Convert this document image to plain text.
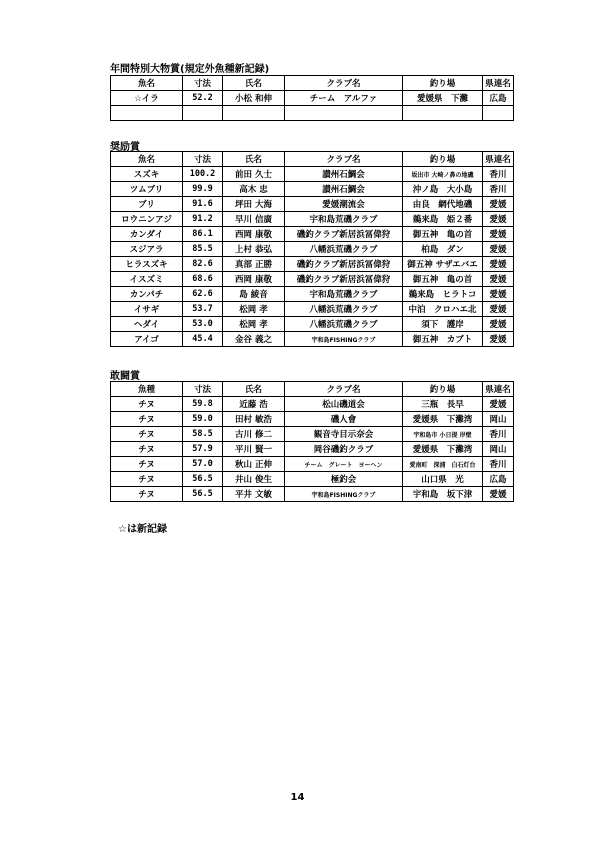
年間特別大物賞(規定外魚種新記録)
魚名	寸法	氏名	クラブ名	釣り場	県連名
☆イラ	52.2	小松 和伸	チーム　アルファ	愛媛県　下灘	広島

奨励賞
魚名	寸法	氏名	クラブ名	釣り場	県連名
スズキ	100.2	前田 久士	讃州石鯛会	坂出市 大崎ノ鼻の地磯	香川
ツムブリ	99.9	高木 忠	讃州石鯛会	沖ノ島　大小島	香川
ブリ	91.6	坪田 大海	愛媛潮流会	由良　網代地磯	愛媛
ロウニンアジ	91.2	早川 信廣	宇和島荒磯クラブ	鵜来島　姫２番	愛媛
カンダイ	86.1	西岡 康敬	磯釣クラブ新居浜冨偉狩	御五神　亀の首	愛媛
スジアラ	85.5	上村 恭弘	八幡浜荒磯クラブ	柏島　ダン	愛媛
ヒラスズキ	82.6	真部 正勝	磯釣クラブ新居浜冨偉狩	御五神 サザエバエ	愛媛
イスズミ	68.6	西岡 康敬	磯釣クラブ新居浜冨偉狩	御五神　亀の首	愛媛
カンパチ	62.6	島 綾音	宇和島荒磯クラブ	鵜来島　ヒラトコ	愛媛
イサギ	53.7	松岡 孝	八幡浜荒磯クラブ	中泊　クロハエ北	愛媛
ヘダイ	53.0	松岡 孝	八幡浜荒磯クラブ	須下　護岸	愛媛
アイゴ	45.4	金谷 義之	宇和島FISHINGクラブ	御五神　カブト	愛媛
敢闘賞
魚種	寸法	氏名	クラブ名	釣り場	県連名
チヌ	59.8	近藤 浩	松山磯道会	三瓶　長早	愛媛
チヌ	59.0	田村 敏浩	磯人會	愛媛県　下灘湾	岡山
チヌ	58.5	古川 修二	観音寺目示奈会	宇和島市 小日提 岸壁	香川
チヌ	57.9	平川 賢一	岡谷磯釣クラブ	愛媛県　下灘湾	岡山
チヌ	57.0	秋山 正伸	チーム　グレート　ヨーヘン	愛南町　深浦　白石灯台	香川
チヌ	56.5	井山 俊生	極釣会	山口県　光	広島
チヌ	56.5	平井 文敏	宇和島FISHINGクラブ	宇和島　坂下津	愛媛
☆は新記録
14
